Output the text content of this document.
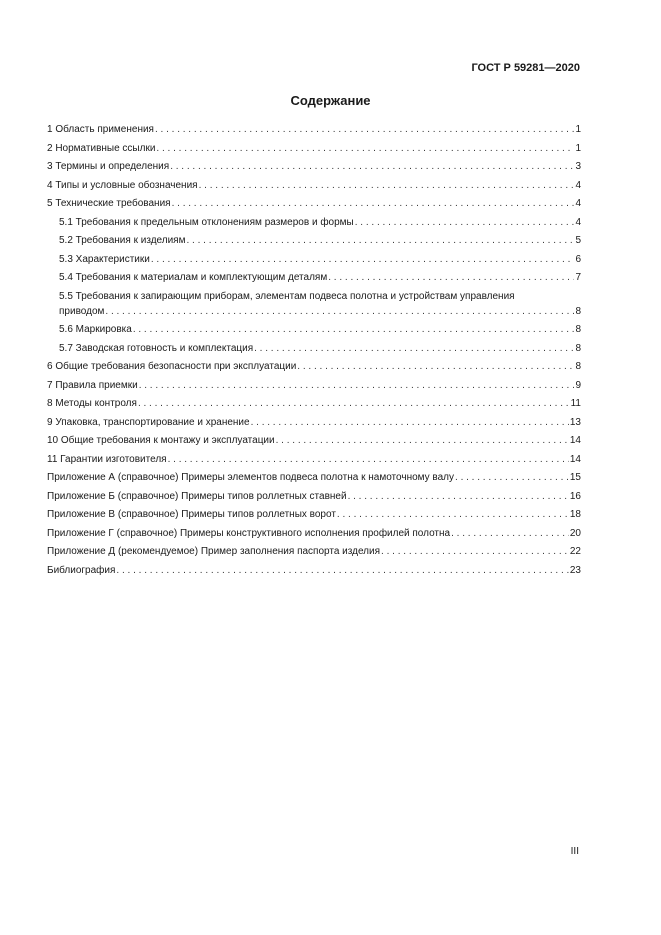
ГОСТ Р 59281—2020
Содержание
1 Область применения . . .	1
2 Нормативные ссылки . . .	1
3 Термины и определения . . .	3
4 Типы и условные обозначения . . .	4
5 Технические требования . . .	4
5.1 Требования к предельным отклонениям размеров и формы . . .	4
5.2 Требования к изделиям . . .	5
5.3 Характеристики . . .	6
5.4 Требования к материалам и комплектующим деталям . . .	7
5.5 Требования к запирающим приборам, элементам подвеса полотна и устройствам управления
приводом . . .	8
5.6 Маркировка . . .	8
5.7 Заводская готовность и комплектация . . .	8
6 Общие требования безопасности при эксплуатации . . .	8
7 Правила приемки . . .	9
8 Методы контроля . . .	11
9 Упаковка, транспортирование и хранение . . .	13
10 Общие требования к монтажу и эксплуатации . . .	14
11 Гарантии изготовителя . . .	14
Приложение А (справочное) Примеры элементов подвеса полотна к намоточному валу . . .	15
Приложение Б (справочное) Примеры типов роллетных ставней . . .	16
Приложение В (справочное) Примеры типов роллетных ворот . . .	18
Приложение Г (справочное) Примеры конструктивного исполнения профилей полотна . . .	20
Приложение Д (рекомендуемое) Пример заполнения паспорта изделия . . .	22
Библиография . . .	23
III
